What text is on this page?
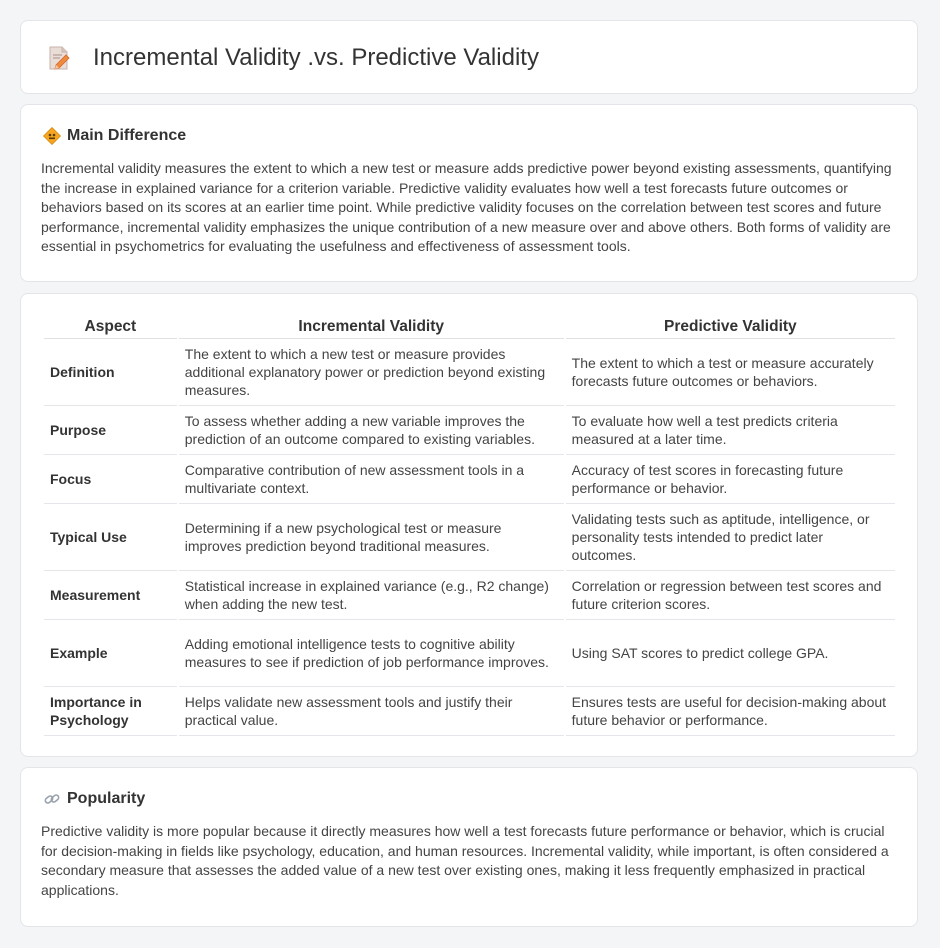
Incremental Validity .vs. Predictive Validity
Main Difference

Incremental validity measures the extent to which a new test or measure adds predictive power beyond existing assessments, quantifying the increase in explained variance for a criterion variable. Predictive validity evaluates how well a test forecasts future outcomes or behaviors based on its scores at an earlier time point. While predictive validity focuses on the correlation between test scores and future performance, incremental validity emphasizes the unique contribution of a new measure over and above others. Both forms of validity are essential in psychometrics for evaluating the usefulness and effectiveness of assessment tools.

Aspect	Incremental Validity	Predictive Validity
Definition	The extent to which a new test or measure provides additional explanatory power or prediction beyond existing measures.	The extent to which a test or measure accurately forecasts future outcomes or behaviors.
Purpose	To assess whether adding a new variable improves the prediction of an outcome compared to existing variables.	To evaluate how well a test predicts criteria measured at a later time.
Focus	Comparative contribution of new assessment tools in a multivariate context.	Accuracy of test scores in forecasting future performance or behavior.
Typical Use	Determining if a new psychological test or measure improves prediction beyond traditional measures.	Validating tests such as aptitude, intelligence, or personality tests intended to predict later outcomes.
Measurement	Statistical increase in explained variance (e.g., R2 change) when adding the new test.	Correlation or regression between test scores and future criterion scores.
Example	Adding emotional intelligence tests to cognitive ability measures to see if prediction of job performance improves.	Using SAT scores to predict college GPA.
Importance in Psychology	Helps validate new assessment tools and justify their practical value.	Ensures tests are useful for decision-making about future behavior or performance.
Popularity

Predictive validity is more popular because it directly measures how well a test forecasts future performance or behavior, which is crucial for decision-making in fields like psychology, education, and human resources. Incremental validity, while important, is often considered a secondary measure that assesses the added value of a new test over existing ones, making it less frequently emphasized in practical applications.
